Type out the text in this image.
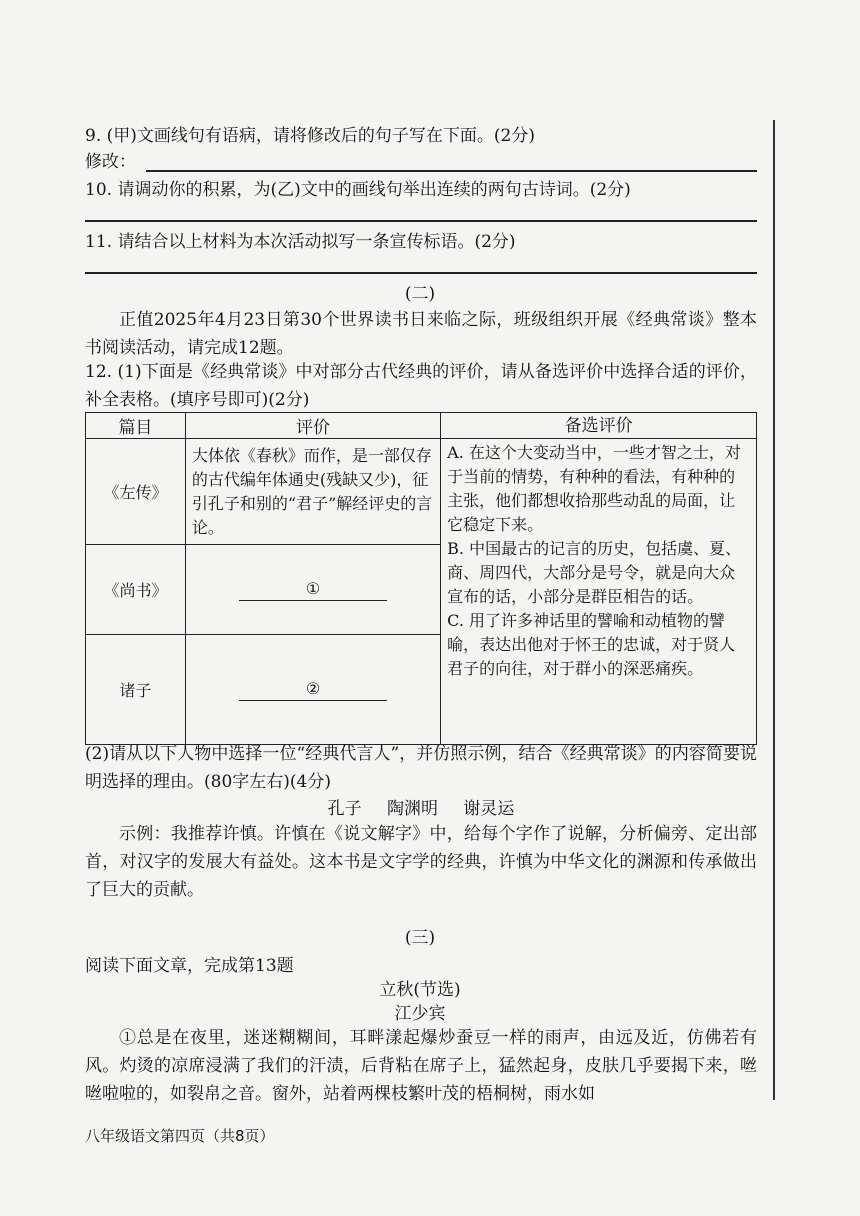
9. (甲)文画线句有语病，请将修改后的句子写在下面。(2分)
修改：
10. 请调动你的积累，为(乙)文中的画线句举出连续的两句古诗词。(2分)
11. 请结合以上材料为本次活动拟写一条宣传标语。(2分)
(二)
正值2025年4月23日第30个世界读书日来临之际，班级组织开展《经典常谈》整本书阅读活动，请完成12题。
12. (1)下面是《经典常谈》中对部分古代经典的评价，请从备选评价中选择合适的评价，补全表格。(填序号即可)(2分)
篇目	评价	备选评价
《左传》	大体依《春秋》而作，是一部仅存的古代编年体通史(残缺又少)，征引孔子和别的“君子”解经评史的言论。	A. 在这个大变动当中，一些才智之士，对于当前的情势，有种种的看法，有种种的主张，他们都想收拾那些动乱的局面，让它稳定下来。
B. 中国最古的记言的历史，包括虞、夏、商、周四代，大部分是号令，就是向大众宣布的话，小部分是群臣相告的话。
C. 用了许多神话里的譬喻和动植物的譬喻，表达出他对于怀王的忠诚，对于贤人君子的向往，对于群小的深恶痛疾。

《尚书》	①	

诸子	②	
(2)请从以下人物中选择一位“经典代言人”，并仿照示例，结合《经典常谈》的内容简要说明选择的理由。(80字左右)(4分)
孔子 陶渊明 谢灵运
示例：我推荐许慎。许慎在《说文解字》中，给每个字作了说解，分析偏旁、定出部首，对汉字的发展大有益处。这本书是文字学的经典，许慎为中华文化的渊源和传承做出了巨大的贡献。
(三)
阅读下面文章，完成第13题
立秋(节选)
江少宾
①总是在夜里，迷迷糊糊间，耳畔漾起爆炒蚕豆一样的雨声，由远及近，仿佛若有风。灼烫的凉席浸满了我们的汗渍，后背粘在席子上，猛然起身，皮肤几乎要揭下来，咝咝啦啦的，如裂帛之音。窗外，站着两棵枝繁叶茂的梧桐树，雨水如
八年级语文第四页（共8页）
